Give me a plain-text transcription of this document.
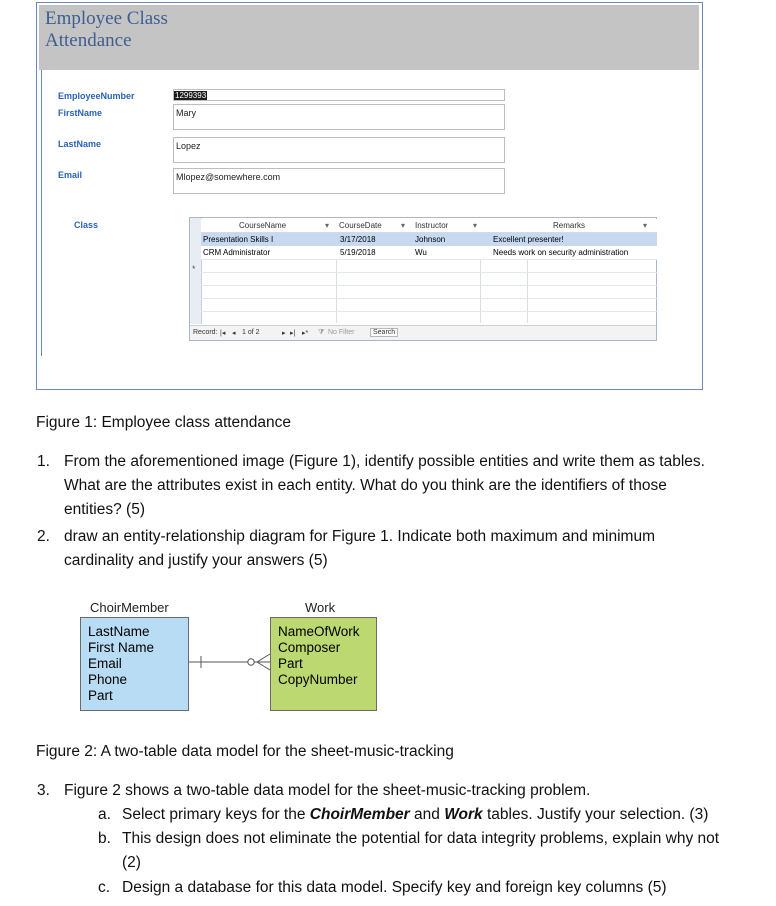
Employee Class Attendance
EmployeeNumber	1299393
FirstName	Mary
LastName	Lopez
Email	Mlopez@somewhere.com
Class
*
CourseName	▾ CourseDate ▾ Instructor	▾	Remarks	▾
Presentation Skills I	3/17/2018	Johnson	Excellent presenter!
CRM Administrator	5/19/2018	Wu	Needs work on security administration
Record: |◂ ◂ 1 of 2	▸ ▸| ▸* ⧩ No Filter	Search
Figure 1: Employee class attendance
1. From the aforementioned image (Figure 1), identify possible entities and write them as tables.
What are the attributes exist in each entity. What do you think are the identifiers of those
entities? (5)
2. draw an entity-relationship diagram for Figure 1. Indicate both maximum and minimum
cardinality and justify your answers (5)
ChoirMember
LastName
First Name
Email
Phone
Part
Work
NameOfWork
Composer
Part
CopyNumber
Figure 2: A two-table data model for the sheet-music-tracking
3. Figure 2 shows a two-table data model for the sheet-music-tracking problem.
a. Select primary keys for the ChoirMember and Work tables. Justify your selection. (3)
b. This design does not eliminate the potential for data integrity problems, explain why not
(2)
c. Design a database for this data model. Specify key and foreign key columns (5)
